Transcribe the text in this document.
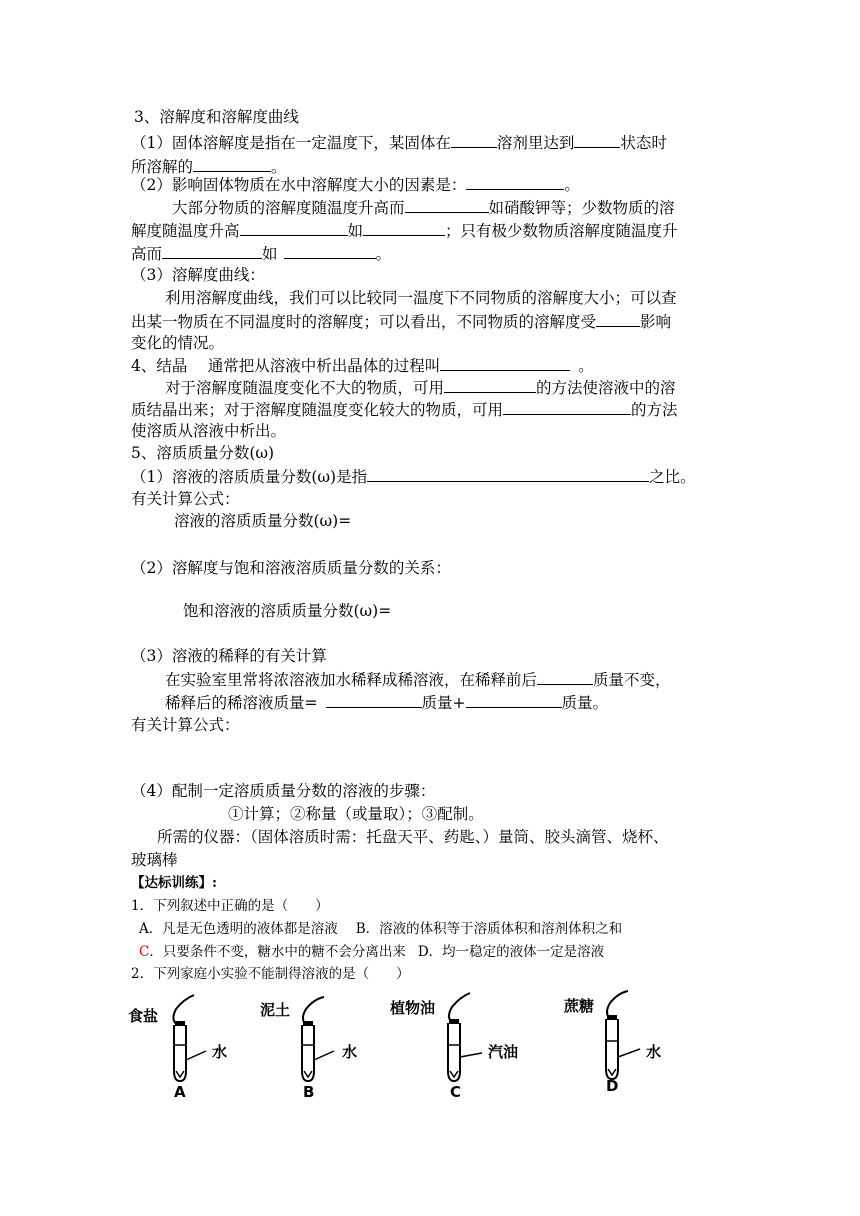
3、溶解度和溶解度曲线
（1）固体溶解度是指在一定温度下，某固体在	溶剂里达到	状态时
所溶解的	。
（2）影响固体物质在水中溶解度大小的因素是：	。
大部分物质的溶解度随温度升高而	如硝酸钾等；少数物质的溶
解度随温度升高	如	；只有极少数物质溶解度随温度升
高而	如	。
（3）溶解度曲线：
利用溶解度曲线，我们可以比较同一温度下不同物质的溶解度大小；可以查
出某一物质在不同温度时的溶解度；可以看出，不同物质的溶解度受	影响
变化的情况。
4、结晶　 通常把从溶液中析出晶体的过程叫	。
对于溶解度随温度变化不大的物质，可用	的方法使溶液中的溶
质结晶出来；对于溶解度随温度变化较大的物质，可用	的方法
使溶质从溶液中析出。
5、溶质质量分数(ω)
（1）溶液的溶质质量分数(ω)是指	之比。
有关计算公式：
溶液的溶质质量分数(ω)=
（2）溶解度与饱和溶液溶质质量分数的关系：
饱和溶液的溶质质量分数(ω)=
（3）溶液的稀释的有关计算
在实验室里常将浓溶液加水稀释成稀溶液，在稀释前后	质量不变，
稀释后的稀溶液质量=	质量+	质量。
有关计算公式：
（4）配制一定溶质质量分数的溶液的步骤：
①计算；②称量（或量取）；③配制。
所需的仪器：（固体溶质时需：托盘天平、药匙、）量筒、胶头滴管、烧杯、
玻璃棒
【达标训练】:
1．下列叙述中正确的是（　　）
A．凡是无色透明的液体都是溶液 B．溶液的体积等于溶质体积和溶剂体积之和
C．只要条件不变，糖水中的糖不会分离出来 D．均一稳定的液体一定是溶液
2．下列家庭小实验不能制得溶液的是（　　）
食盐
水
A
泥土
水
B
植物油
汽油
C
蔗糖
水
D
